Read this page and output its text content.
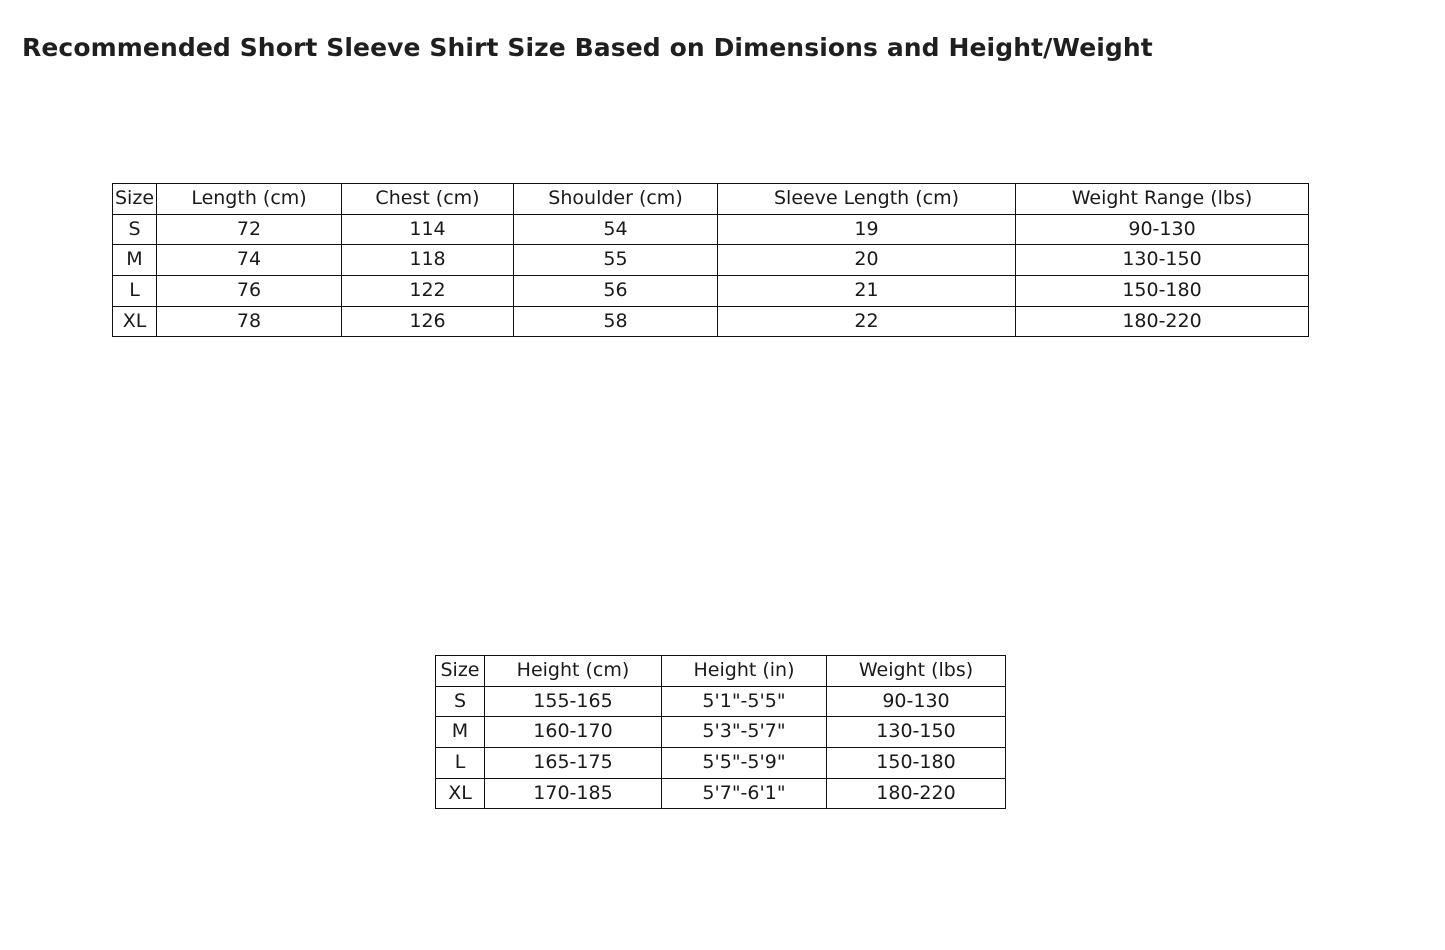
Recommended Short Sleeve Shirt Size Based on Dimensions and Height/Weight
Size	Length (cm)	Chest (cm)	Shoulder (cm)	Sleeve Length (cm)	Weight Range (lbs)
S	72	114	54	19	90-130
M	74	118	55	20	130-150
L	76	122	56	21	150-180
XL	78	126	58	22	180-220
Size	Height (cm)	Height (in)	Weight (lbs)
S	155-165	5'1"-5'5"	90-130
M	160-170	5'3"-5'7"	130-150
L	165-175	5'5"-5'9"	150-180
XL	170-185	5'7"-6'1"	180-220
